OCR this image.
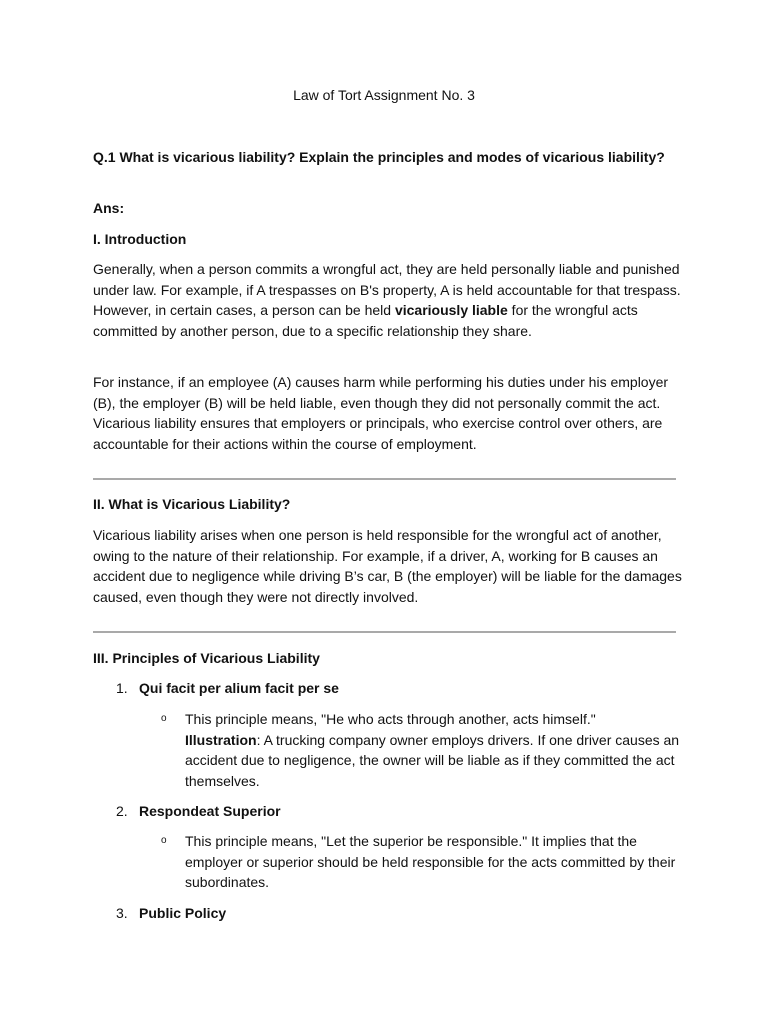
Law of Tort Assignment No. 3
Q.1 What is vicarious liability? Explain the principles and modes of vicarious liability?
Ans:
I. Introduction
Generally, when a person commits a wrongful act, they are held personally liable and punished under law. For example, if A trespasses on B's property, A is held accountable for that trespass. However, in certain cases, a person can be held vicariously liable for the wrongful acts committed by another person, due to a specific relationship they share.
For instance, if an employee (A) causes harm while performing his duties under his employer (B), the employer (B) will be held liable, even though they did not personally commit the act. Vicarious liability ensures that employers or principals, who exercise control over others, are accountable for their actions within the course of employment.
II. What is Vicarious Liability?
Vicarious liability arises when one person is held responsible for the wrongful act of another, owing to the nature of their relationship. For example, if a driver, A, working for B causes an accident due to negligence while driving B’s car, B (the employer) will be liable for the damages caused, even though they were not directly involved.
III. Principles of Vicarious Liability
1. Qui facit per alium facit per se
o This principle means, "He who acts through another, acts himself."
Illustration: A trucking company owner employs drivers. If one driver causes an accident due to negligence, the owner will be liable as if they committed the act themselves.
2. Respondeat Superior
o This principle means, "Let the superior be responsible." It implies that the employer or superior should be held responsible for the acts committed by their subordinates.
3. Public Policy
